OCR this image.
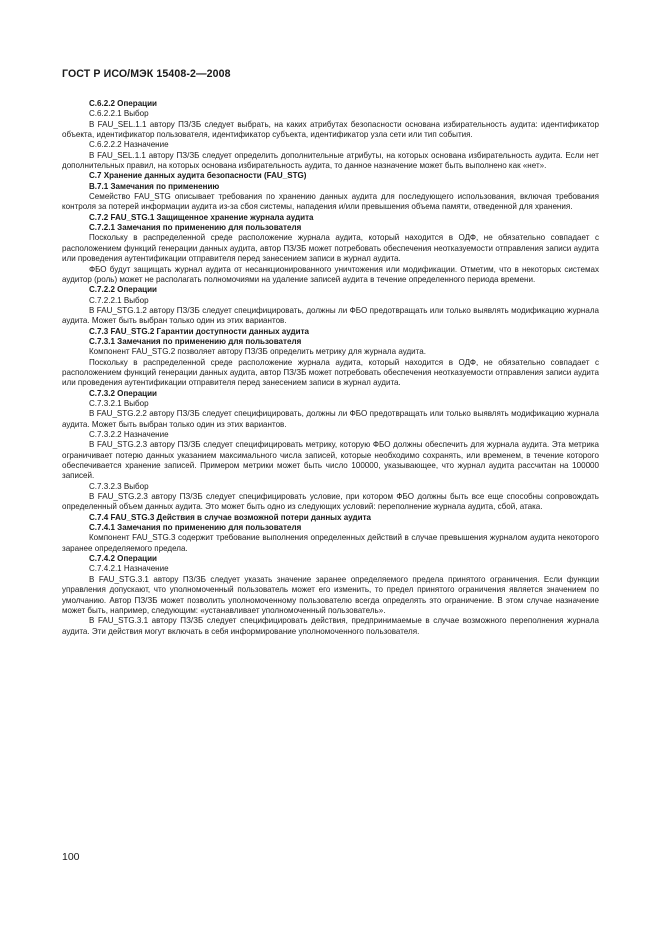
ГОСТ Р ИСО/МЭК 15408-2—2008

С.6.2.2 Операции

С.6.2.2.1 Выбор

В FAU_SEL.1.1 автору ПЗ/ЗБ следует выбрать, на каких атрибутах безопасности основана избирательность аудита: идентификатор объекта, идентификатор пользователя, идентификатор субъекта, идентификатор узла сети или тип события.

С.6.2.2.2 Назначение

В FAU_SEL.1.1 автору ПЗ/ЗБ следует определить дополнительные атрибуты, на которых основана избирательность аудита. Если нет дополнительных правил, на которых основана избирательность аудита, то данное назначение может быть выполнено как «нет».

С.7 Хранение данных аудита безопасности (FAU_STG)

В.7.1 Замечания по применению

Семейство FAU_STG описывает требования по хранению данных аудита для последующего использования, включая требования контроля за потерей информации аудита из-за сбоя системы, нападения и/или превышения объема памяти, отведенной для хранения.

С.7.2 FAU_STG.1 Защищенное хранение журнала аудита

С.7.2.1 Замечания по применению для пользователя

Поскольку в распределенной среде расположение журнала аудита, который находится в ОДФ, не обязательно совпадает с расположением функций генерации данных аудита, автор ПЗ/ЗБ может потребовать обеспечения неотказуемости отправления записи аудита или проведения аутентификации отправителя перед занесением записи в журнал аудита.

ФБО будут защищать журнал аудита от несанкционированного уничтожения или модификации. Отметим, что в некоторых системах аудитор (роль) может не располагать полномочиями на удаление записей аудита в течение определенного периода времени.

С.7.2.2 Операции

С.7.2.2.1 Выбор

В FAU_STG.1.2 автору ПЗ/ЗБ следует специфицировать, должны ли ФБО предотвращать или только выявлять модификацию журнала аудита. Может быть выбран только один из этих вариантов.

С.7.3 FAU_STG.2 Гарантии доступности данных аудита

С.7.3.1 Замечания по применению для пользователя

Компонент FAU_STG.2 позволяет автору ПЗ/ЗБ определить метрику для журнала аудита.

Поскольку в распределенной среде расположение журнала аудита, который находится в ОДФ, не обязательно совпадает с расположением функций генерации данных аудита, автор ПЗ/ЗБ может потребовать обеспечения неотказуемости отправления записи аудита или проведения аутентификации отправителя перед занесением записи в журнал аудита.

С.7.3.2 Операции

С.7.3.2.1 Выбор

В FAU_STG.2.2 автору ПЗ/ЗБ следует специфицировать, должны ли ФБО предотвращать или только выявлять модификацию журнала аудита. Может быть выбран только один из этих вариантов.

С.7.3.2.2 Назначение

В FAU_STG.2.3 автору ПЗ/ЗБ следует специфицировать метрику, которую ФБО должны обеспечить для журнала аудита. Эта метрика ограничивает потерю данных указанием максимального числа записей, которые необходимо сохранять, или временем, в течение которого обеспечивается хранение записей. Примером метрики может быть число 100000, указывающее, что журнал аудита рассчитан на 100000 записей.

С.7.3.2.3 Выбор

В FAU_STG.2.3 автору ПЗ/ЗБ следует специфицировать условие, при котором ФБО должны быть все еще способны сопровождать определенный объем данных аудита. Это может быть одно из следующих условий: переполнение журнала аудита, сбой, атака.

С.7.4 FAU_STG.3 Действия в случае возможной потери данных аудита

С.7.4.1 Замечания по применению для пользователя

Компонент FAU_STG.3 содержит требование выполнения определенных действий в случае превышения журналом аудита некоторого заранее определяемого предела.

С.7.4.2 Операции

С.7.4.2.1 Назначение

В FAU_STG.3.1 автору ПЗ/ЗБ следует указать значение заранее определяемого предела принятого ограничения. Если функции управления допускают, что уполномоченный пользователь может его изменить, то предел принятого ограничения является значением по умолчанию. Автор ПЗ/ЗБ может позволить уполномоченному пользователю всегда определять это ограничение. В этом случае назначение может быть, например, следующим: «устанавливает уполномоченный пользователь».

В FAU_STG.3.1 автору ПЗ/ЗБ следует специфицировать действия, предпринимаемые в случае возможного переполнения журнала аудита. Эти действия могут включать в себя информирование уполномоченного пользователя.

100
